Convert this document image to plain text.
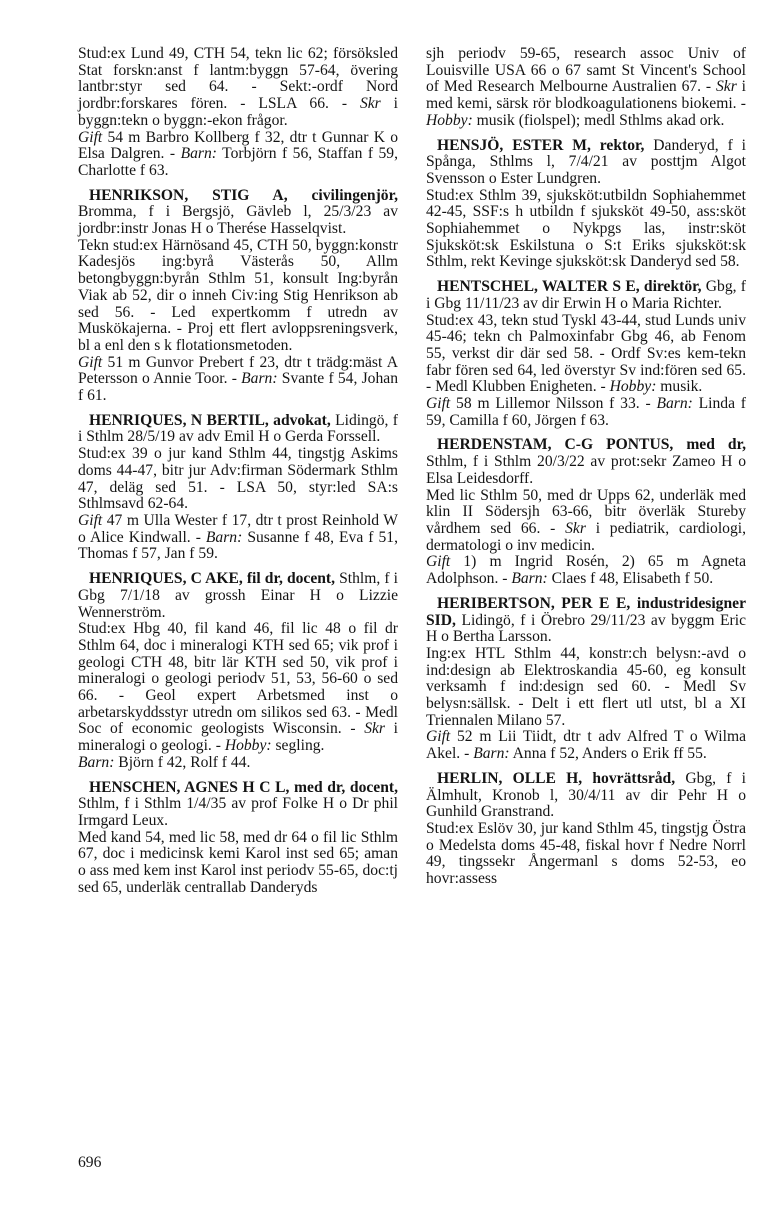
Stud:ex Lund 49, CTH 54, tekn lic 62; försöksled Stat forskn:anst f lantm:byggn 57-64, övering lantbr:styr sed 64. - Sekt:-ordf Nord jordbr:forskares fören. - LSLA 66. - Skr i byggn:tekn o byggn:-ekon frågor.

Gift 54 m Barbro Kollberg f 32, dtr t Gunnar K o Elsa Dalgren. - Barn: Torbjörn f 56, Staffan f 59, Charlotte f 63.

HENRIKSON, STIG A, civilingenjör, Bromma, f i Bergsjö, Gävleb l, 25/3/23 av jordbr:instr Jonas H o Therése Hasselqvist.

Tekn stud:ex Härnösand 45, CTH 50, byggn:konstr Kadesjös ing:byrå Västerås 50, Allm betongbyggn:byrån Sthlm 51, konsult Ing:byrån Viak ab 52, dir o inneh Civ:ing Stig Henrikson ab sed 56. - Led expertkomm f utredn av Muskökajerna. - Proj ett flert avloppsreningsverk, bl a enl den s k flotationsmetoden.

Gift 51 m Gunvor Prebert f 23, dtr t trädg:mäst A Petersson o Annie Toor. - Barn: Svante f 54, Johan f 61.

HENRIQUES, N BERTIL, advokat, Lidingö, f i Sthlm 28/5/19 av adv Emil H o Gerda Forssell.

Stud:ex 39 o jur kand Sthlm 44, tingstjg Askims doms 44-47, bitr jur Adv:firman Södermark Sthlm 47, deläg sed 51. - LSA 50, styr:led SA:s Sthlmsavd 62-64.

Gift 47 m Ulla Wester f 17, dtr t prost Reinhold W o Alice Kindwall. - Barn: Susanne f 48, Eva f 51, Thomas f 57, Jan f 59.

HENRIQUES, C AKE, fil dr, docent, Sthlm, f i Gbg 7/1/18 av grossh Einar H o Lizzie Wennerström.

Stud:ex Hbg 40, fil kand 46, fil lic 48 o fil dr Sthlm 64, doc i mineralogi KTH sed 65; vik prof i geologi CTH 48, bitr lär KTH sed 50, vik prof i mineralogi o geologi periodv 51, 53, 56-60 o sed 66. - Geol expert Arbetsmed inst o arbetarskyddsstyr utredn om silikos sed 63. - Medl Soc of economic geologists Wisconsin. - Skr i mineralogi o geologi. - Hobby: segling.

Barn: Björn f 42, Rolf f 44.

HENSCHEN, AGNES H C L, med dr, docent, Sthlm, f i Sthlm 1/4/35 av prof Folke H o Dr phil Irmgard Leux.

Med kand 54, med lic 58, med dr 64 o fil lic Sthlm 67, doc i medicinsk kemi Karol inst sed 65; aman o ass med kem inst Karol inst periodv 55-65, doc:tj sed 65, underläk centrallab Danderyds

sjh periodv 59-65, research assoc Univ of Louisville USA 66 o 67 samt St Vincent's School of Med Research Melbourne Australien 67. - Skr i med kemi, särsk rör blodkoagulationens biokemi. - Hobby: musik (fiolspel); medl Sthlms akad ork.

HENSJÖ, ESTER M, rektor, Danderyd, f i Spånga, Sthlms l, 7/4/21 av posttjm Algot Svensson o Ester Lundgren.

Stud:ex Sthlm 39, sjuksköt:utbildn Sophiahemmet 42-45, SSF:s h utbildn f sjuksköt 49-50, ass:sköt Sophiahemmet o Nykpgs las, instr:sköt Sjuksköt:sk Eskilstuna o S:t Eriks sjuksköt:sk Sthlm, rekt Kevinge sjuksköt:sk Danderyd sed 58.

HENTSCHEL, WALTER S E, direktör, Gbg, f i Gbg 11/11/23 av dir Erwin H o Maria Richter.

Stud:ex 43, tekn stud Tyskl 43-44, stud Lunds univ 45-46; tekn ch Palmoxinfabr Gbg 46, ab Fenom 55, verkst dir där sed 58. - Ordf Sv:es kem-tekn fabr fören sed 64, led överstyr Sv ind:fören sed 65. - Medl Klubben Enigheten. - Hobby: musik.

Gift 58 m Lillemor Nilsson f 33. - Barn: Linda f 59, Camilla f 60, Jörgen f 63.

HERDENSTAM, C-G PONTUS, med dr, Sthlm, f i Sthlm 20/3/22 av prot:sekr Zameo H o Elsa Leidesdorff.

Med lic Sthlm 50, med dr Upps 62, underläk med klin II Södersjh 63-66, bitr överläk Stureby vårdhem sed 66. - Skr i pediatrik, cardiologi, dermatologi o inv medicin.

Gift 1) m Ingrid Rosén, 2) 65 m Agneta Adolphson. - Barn: Claes f 48, Elisabeth f 50.

HERIBERTSON, PER E E, industridesigner SID, Lidingö, f i Örebro 29/11/23 av byggm Eric H o Bertha Larsson.

Ing:ex HTL Sthlm 44, konstr:ch belysn:-avd o ind:design ab Elektroskandia 45-60, eg konsult verksamh f ind:design sed 60. - Medl Sv belysn:sällsk. - Delt i ett flert utl utst, bl a XI Triennalen Milano 57.

Gift 52 m Lii Tiidt, dtr t adv Alfred T o Wilma Akel. - Barn: Anna f 52, Anders o Erik ff 55.

HERLIN, OLLE H, hovrättsråd, Gbg, f i Älmhult, Kronob l, 30/4/11 av dir Pehr H o Gunhild Granstrand.

Stud:ex Eslöv 30, jur kand Sthlm 45, tingstjg Östra o Medelsta doms 45-48, fiskal hovr f Nedre Norrl 49, tingssekr Ångermanl s doms 52-53, eo hovr:assess

696
